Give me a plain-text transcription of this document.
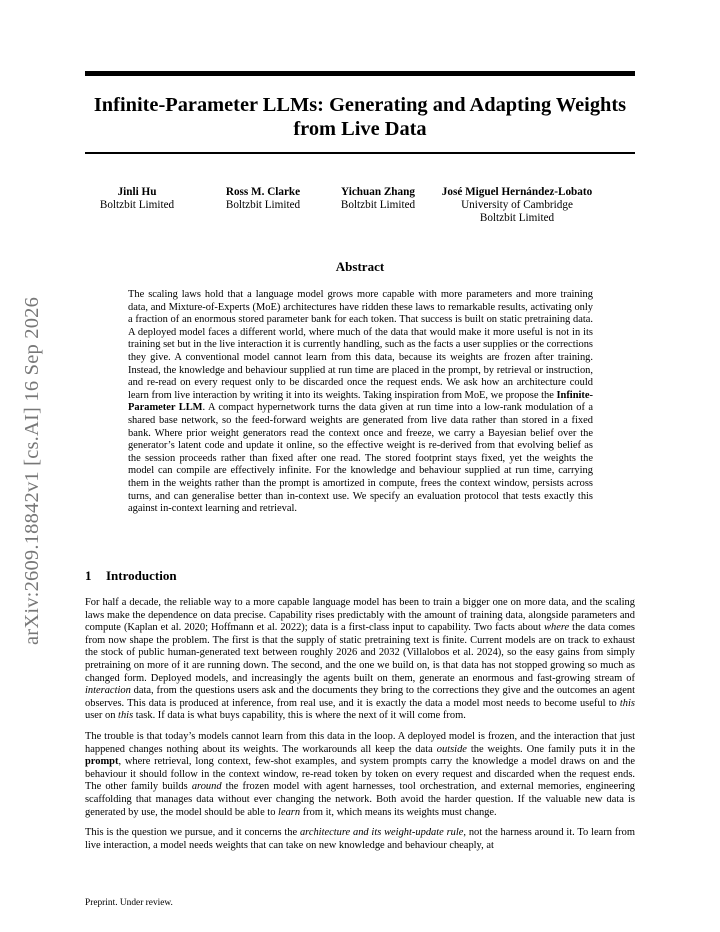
Infinite-Parameter LLMs: Generating and Adapting Weights from Live Data
Jinli Hu
Boltzbit Limited
Ross M. Clarke
Boltzbit Limited
Yichuan Zhang
Boltzbit Limited
José Miguel Hernández-Lobato
University of Cambridge
Boltzbit Limited
arXiv:2609.18842v1 [cs.AI] 16 Sep 2026
Abstract

The scaling laws hold that a language model grows more capable with more parameters and more training data, and Mixture-of-Experts (MoE) architectures have ridden these laws to remarkable results, activating only a fraction of an enormous stored parameter bank for each token. That success is built on static pretraining data. A deployed model faces a different world, where much of the data that would make it more useful is not in its training set but in the live interaction it is currently handling, such as the facts a user supplies or the corrections they give. A conventional model cannot learn from this data, because its weights are frozen after training. Instead, the knowledge and behaviour supplied at run time are placed in the prompt, by retrieval or instruction, and re-read on every request only to be discarded once the request ends. We ask how an architecture could learn from live interaction by writing it into its weights. Taking inspiration from MoE, we propose the Infinite-Parameter LLM. A compact hypernetwork turns the data given at run time into a low-rank modulation of a shared base network, so the feed-forward weights are generated from live data rather than stored in a fixed bank. Where prior weight generators read the context once and freeze, we carry a Bayesian belief over the generator’s latent code and update it online, so the effective weight is re-derived from that evolving belief as the session proceeds rather than fixed after one read. The stored footprint stays fixed, yet the weights the model can compile are effectively infinite. For the knowledge and behaviour supplied at run time, carrying them in the weights rather than the prompt is amortized in compute, frees the context window, persists across turns, and can generalise better than in-context use. We specify an evaluation protocol that tests exactly this against in-context learning and retrieval.

1 Introduction

For half a decade, the reliable way to a more capable language model has been to train a bigger one on more data, and the scaling laws make the dependence on data precise. Capability rises predictably with the amount of training data, alongside parameters and compute (Kaplan et al. 2020; Hoffmann et al. 2022); data is a first-class input to capability. Two facts about where the data comes from now shape the problem. The first is that the supply of static pretraining text is finite. Current models are on track to exhaust the stock of public human-generated text between roughly 2026 and 2032 (Villalobos et al. 2024), so the easy gains from simply pretraining on more of it are running down. The second, and the one we build on, is that data has not stopped growing so much as changed form. Deployed models, and increasingly the agents built on them, generate an enormous and fast-growing stream of interaction data, from the questions users ask and the documents they bring to the corrections they give and the outcomes an agent observes. This data is produced at inference, from real use, and it is exactly the data a model most needs to become useful to this user on this task. If data is what buys capability, this is where the next of it will come from.

The trouble is that today’s models cannot learn from this data in the loop. A deployed model is frozen, and the interaction that just happened changes nothing about its weights. The workarounds all keep the data outside the weights. One family puts it in the prompt, where retrieval, long context, few-shot examples, and system prompts carry the knowledge a model draws on and the behaviour it should follow in the context window, re-read token by token on every request and discarded when the request ends. The other family builds around the frozen model with agent harnesses, tool orchestration, and external memories, engineering scaffolding that manages data without ever changing the network. Both avoid the harder question. If the valuable new data is generated by use, the model should be able to learn from it, which means its weights must change.

This is the question we pursue, and it concerns the architecture and its weight-update rule, not the harness around it. To learn from live interaction, a model needs weights that can take on new knowledge and behaviour cheaply, at

Preprint. Under review.
